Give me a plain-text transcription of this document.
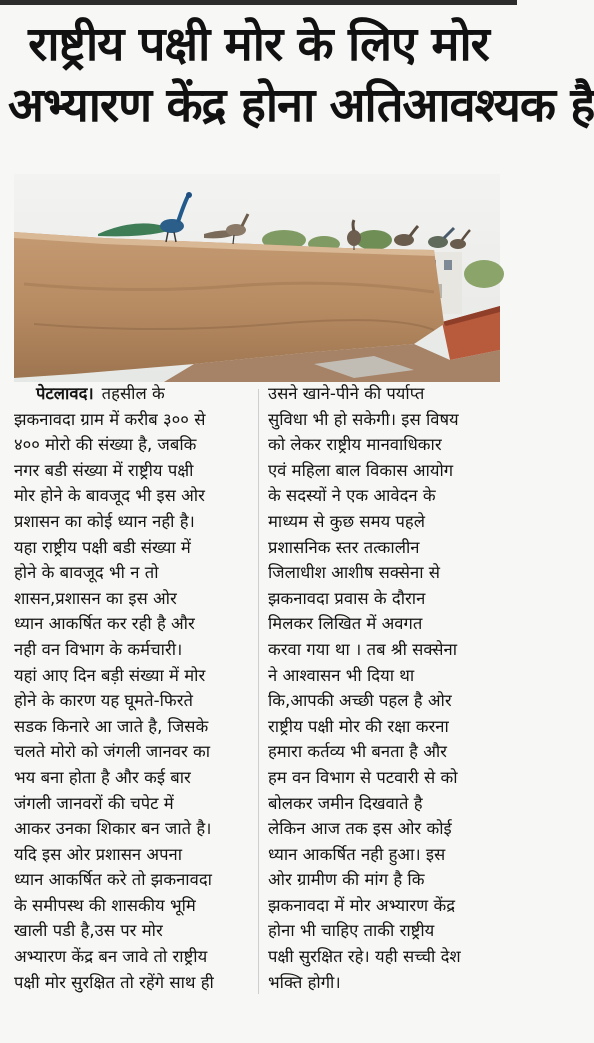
राष्ट्रीय पक्षी मोर के लिए मोर
अभ्यारण केंद्र होना अतिआवश्यक है
पेटलावद। तहसील के
झकनावदा ग्राम में करीब ३०० से
४०० मोरो की संख्या है, जबकि
नगर बडी संख्या में राष्ट्रीय पक्षी
मोर होने के बावजूद भी इस ओर
प्रशासन का कोई ध्यान नही है।
यहा राष्ट्रीय पक्षी बडी संख्या में
होने के बावजूद भी न तो
शासन,प्रशासन का इस ओर
ध्यान आकर्षित कर रही है और
नही वन विभाग के कर्मचारी।
यहां आए दिन बड़ी संख्या में मोर
होने के कारण यह घूमते-फिरते
सडक किनारे आ जाते है, जिसके
चलते मोरो को जंगली जानवर का
भय बना होता है और कई बार
जंगली जानवरों की चपेट में
आकर उनका शिकार बन जाते है।
यदि इस ओर प्रशासन अपना
ध्यान आकर्षित करे तो झकनावदा
के समीपस्थ की शासकीय भूमि
खाली पडी है,उस पर मोर
अभ्यारण केंद्र बन जावे तो राष्ट्रीय
पक्षी मोर सुरक्षित तो रहेंगे साथ ही
उसने खाने-पीने की पर्याप्त
सुविधा भी हो सकेगी। इस विषय
को लेकर राष्ट्रीय मानवाधिकार
एवं महिला बाल विकास आयोग
के सदस्यों ने एक आवेदन के
माध्यम से कुछ समय पहले
प्रशासनिक स्तर तत्कालीन
जिलाधीश आशीष सक्सेना से
झकनावदा प्रवास के दौरान
मिलकर लिखित में अवगत
करवा गया था । तब श्री सक्सेना
ने आश्वासन भी दिया था
कि,आपकी अच्छी पहल है ओर
राष्ट्रीय पक्षी मोर की रक्षा करना
हमारा कर्तव्य भी बनता है और
हम वन विभाग से पटवारी से को
बोलकर जमीन दिखवाते है
लेकिन आज तक इस ओर कोई
ध्यान आकर्षित नही हुआ। इस
ओर ग्रामीण की मांग है कि
झकनावदा में मोर अभ्यारण केंद्र
होना भी चाहिए ताकी राष्ट्रीय
पक्षी सुरक्षित रहे। यही सच्ची देश
भक्ति होगी।
